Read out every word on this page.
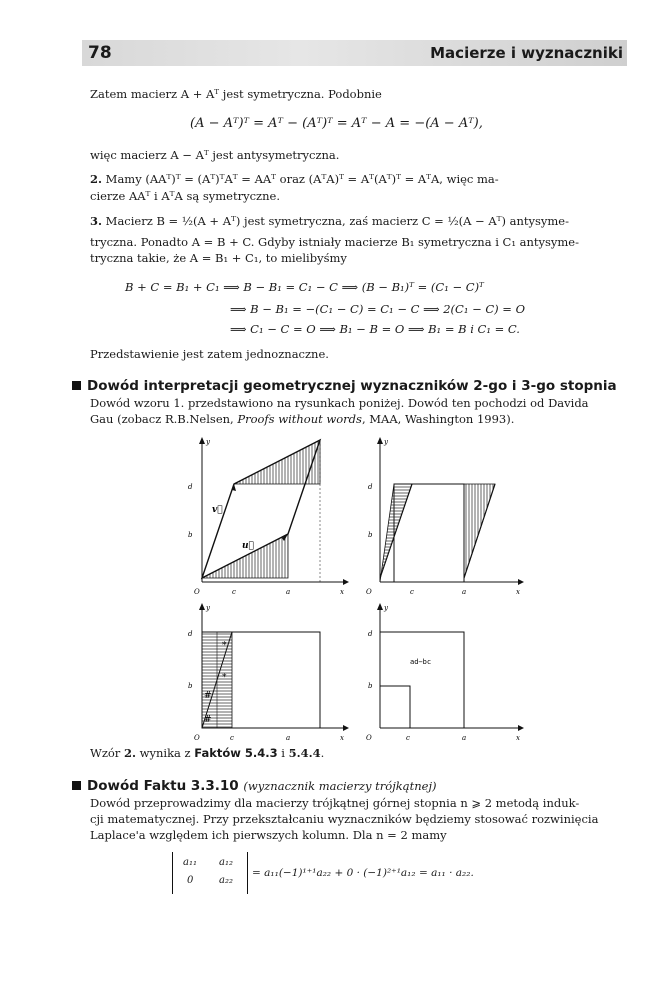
78	Macierze i wyznaczniki
Zatem macierz A + Aᵀ jest symetryczna. Podobnie
(A − Aᵀ)ᵀ = Aᵀ − (Aᵀ)ᵀ = Aᵀ − A = −(A − Aᵀ),
więc macierz A − Aᵀ jest antysymetryczna.
2. Mamy (AAᵀ)ᵀ = (Aᵀ)ᵀAᵀ = AAᵀ oraz (AᵀA)ᵀ = Aᵀ(Aᵀ)ᵀ = AᵀA, więc ma-
cierze AAᵀ i AᵀA są symetryczne.
3. Macierz B = ½(A + Aᵀ) jest symetryczna, zaś macierz C = ½(A − Aᵀ) antysyme-
tryczna. Ponadto A = B + C. Gdyby istniały macierze B₁ symetryczna i C₁ antysyme-
tryczna takie, że A = B₁ + C₁, to mielibyśmy
B + C = B₁ + C₁ ⟹ B − B₁ = C₁ − C ⟹ (B − B₁)ᵀ = (C₁ − C)ᵀ
⟹ B − B₁ = −(C₁ − C) = C₁ − C ⟹ 2(C₁ − C) = O
⟹ C₁ − C = O ⟹ B₁ − B = O ⟹ B₁ = B i C₁ = C.
Przedstawienie jest zatem jednoznaczne.
Dowód interpretacji geometrycznej wyznaczników 2-go i 3-go stopnia
Dowód wzoru 1. przedstawiono na rysunkach poniżej. Dowód ten pochodzi od Davida
Gau (zobacz R.B.Nelsen, Proofs without words, MAA, Washington 1993).
y
d
b
O	c	a	x
v⃗
u⃗
y
d
b
O	c	a	x
*
*
#
#
y
d
b
O	c	a	x
ad−bc
y
d
b
O	c	a	x
Wzór 2. wynika z Faktów 5.4.3 i 5.4.4.
Dowód Faktu 3.3.10 (wyznacznik macierzy trójkątnej)
Dowód przeprowadzimy dla macierzy trójkątnej górnej stopnia n ⩾ 2 metodą induk-
cji matematycznej. Przy przekształcaniu wyznaczników będziemy stosować rozwinięcia
Laplace'a względem ich pierwszych kolumn. Dla n = 2 mamy
a₁₁ a₁₂
0	a₂₂
= a₁₁(−1)¹⁺¹a₂₂ + 0 · (−1)²⁺¹a₁₂ = a₁₁ · a₂₂.
